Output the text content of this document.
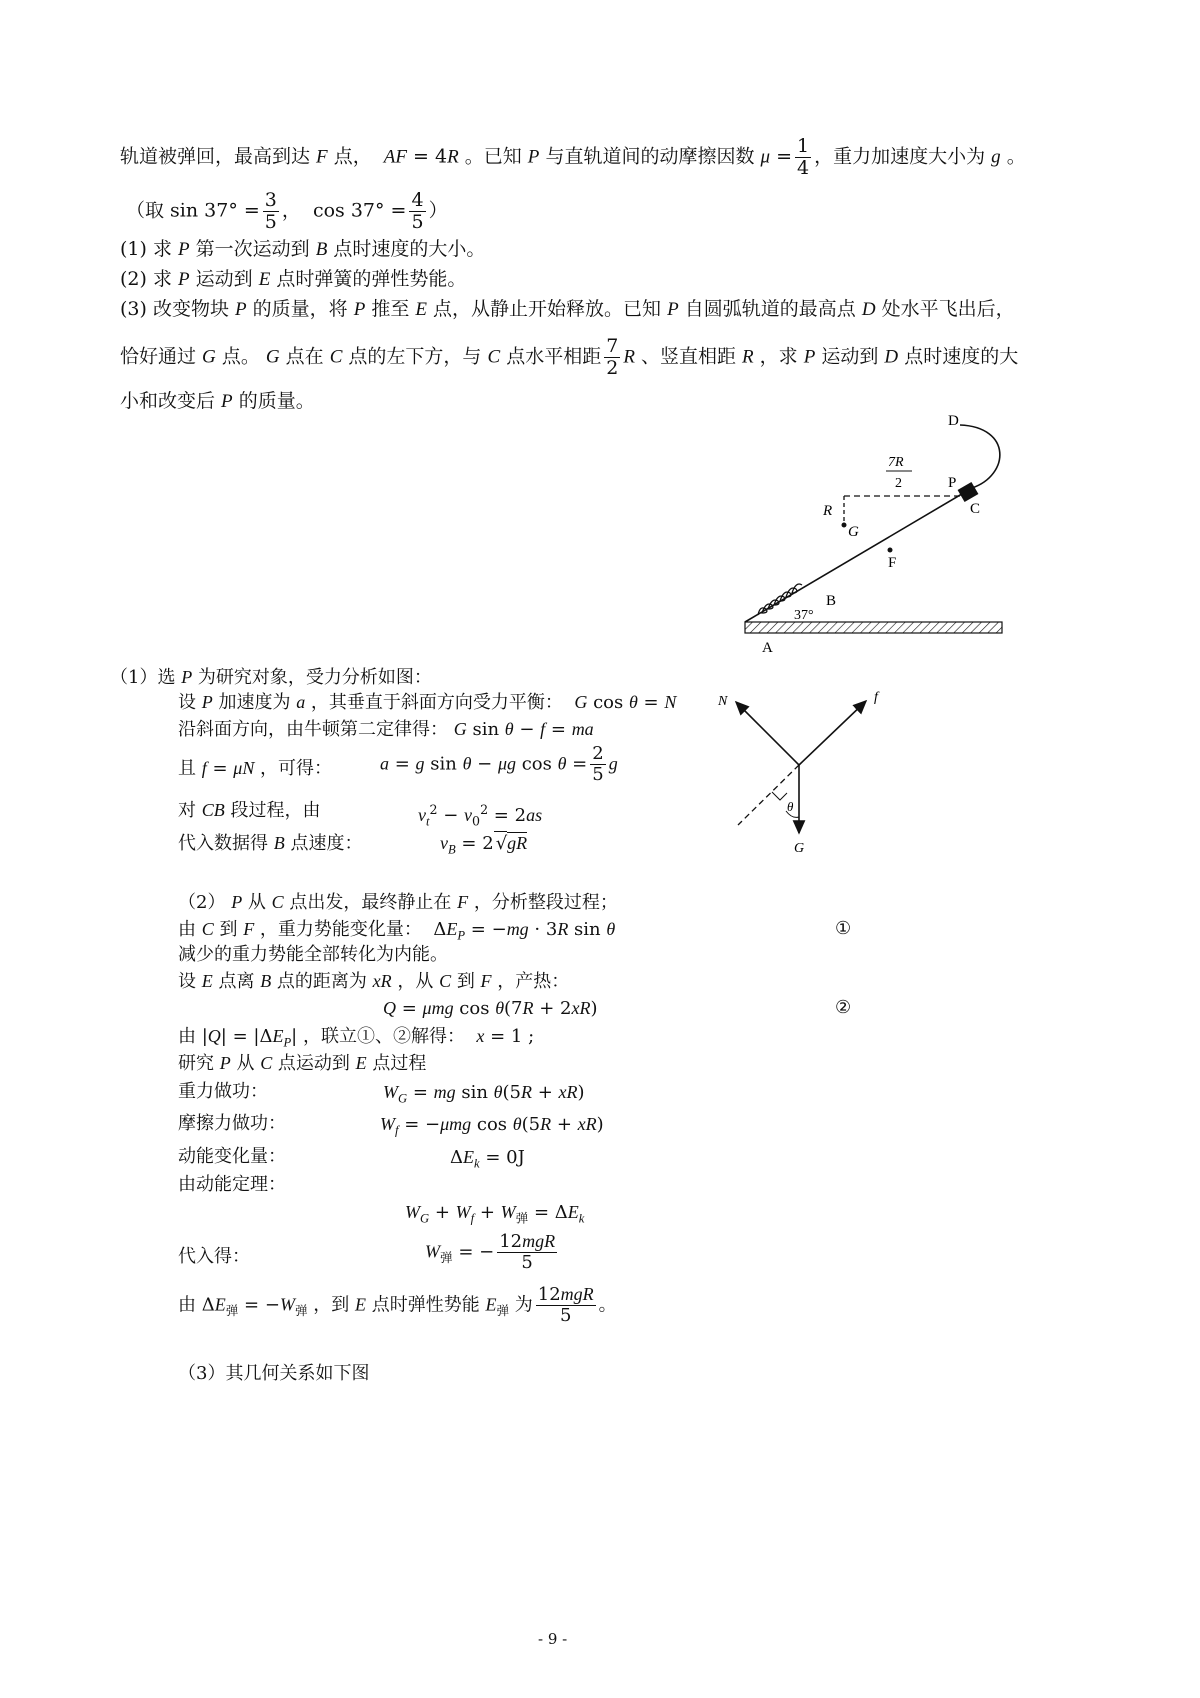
轨道被弹回，最高到达 F 点，  AF = 4R 。已知 P 与直轨道间的动摩擦因数 $\mu = \frac{1}{4}$ ，重力加速度大小为 g 。
（取 $\sin 37^\circ = \frac{3}{5}$ ，  $\cos 37^\circ = \frac{4}{5}$ ）
(1) 求 P 第一次运动到 B 点时速度的大小。
(2) 求 P 运动到 E 点时弹簧的弹性势能。
(3) 改变物块 P 的质量，将 P 推至 E 点，从静止开始释放。已知 P 自圆弧轨道的最高点 D 处水平飞出后，
恰好通过 G 点。 G 点在 C 点的左下方，与 C 点水平相距 $\frac{7}{2}$ R 、竖直相距 R ，求 P 运动到 D 点时速度的大
小和改变后 P 的质量。
D
7R
2	P
C
R
G
F
B
37°
A
（1）选 P 为研究对象，受力分析如图：
设 P 加速度为 a ，其垂直于斜面方向受力平衡：  G cos θ = N
沿斜面方向，由牛顿第二定律得： G sin θ − f = ma
且 f = μN ，可得：	a = g sin θ − μg $\cos \theta = \frac{2}{5}$ g
对 CB 段过程，由	$v_t^2 - v_0^2 = 2as$
代入数据得 B 点速度：	$v_B = 2$ √gR
N	f
θ
G
（2） P 从 C 点出发，最终静止在 F ，分析整段过程；
由 C 到 F ，重力势能变化量：  $\Delta E_P = -mg \cdot 3R$ sin θ	①
减少的重力势能全部转化为内能。
设 E 点离 B 点的距离为 xR ，从 C 到 F ，产热：
Q = μmg cos θ(7R + 2xR)	②
由 $|Q| = |\Delta E_P|$ ，联立①、②解得：  x = 1 ;
研究 P 从 C 点运动到 E 点过程
重力做功：	$W_G$ = mg sin θ(5R + xR)
摩擦力做功：	$W_f = -\mu mg$ cos θ(5R + xR)
动能变化量：	$\Delta E_k = 0J$
由动能定理：
$W_G + W_f + W_弹 = \Delta E_k$
代入得：	$W_弹$ = − $\frac{\text{12mgR}}{5}$
由 $\Delta E_弹 = -W_弹$ ，到 E 点时弹性势能 $E_弹$ 为 $\frac{\text{12mgR}}{5}$ 。
（3）其几何关系如下图
- 9 -
